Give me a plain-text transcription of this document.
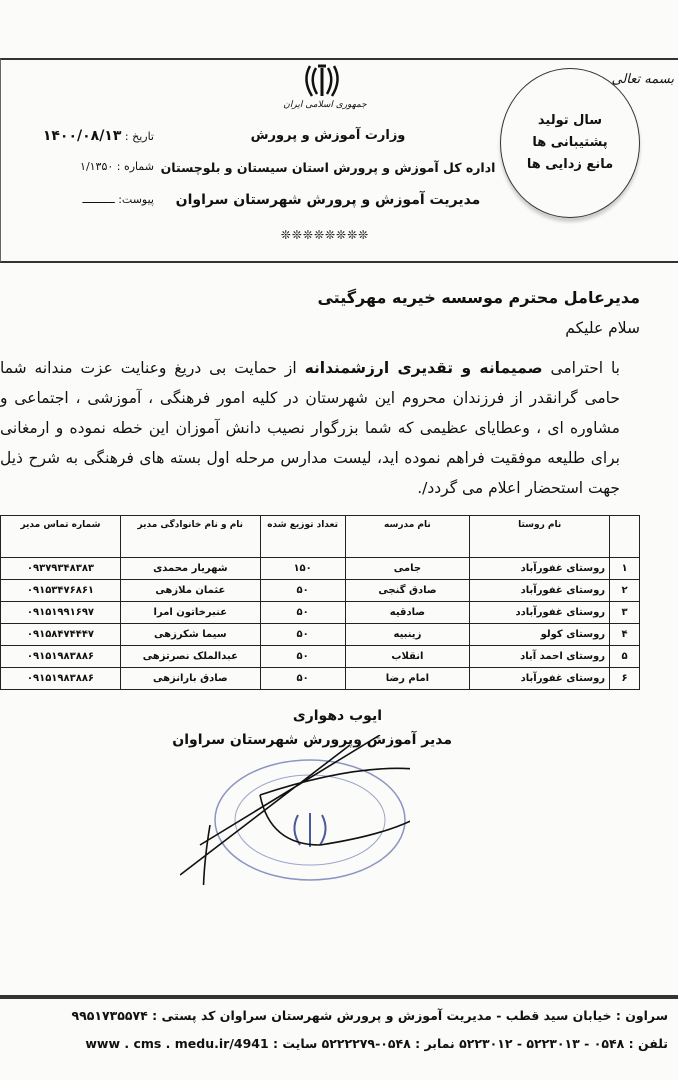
بسمه تعالی
سال تولید
پشتیبانی ها
مانع زدایی ها
جمهوری اسلامی ایران
وزارت آموزش و پرورش
اداره کل آموزش و پرورش استان سیستان و بلوچستان
مدیریت آموزش و پرورش شهرستان سراوان
❊❊❊❊❊❊❊❊
تاریخ : ۱۴۰۰/۰۸/۱۳
شماره : ۱/۱۳۵۰
پیوست: ــــــــــ
مدیرعامل محترم موسسه خیریه مهرگیتی
سلام علیکم

با احترامی صمیمانه و تقدیری ارزشمندانه از حمایت بی دریغ وعنایت عزت مندانه شما حامی گرانقدر از فرزندان محروم این شهرستان در کلیه امور فرهنگی ، آموزشی ، اجتماعی و مشاوره ای ، وعطایای عظیمی که شما بزرگوار نصیب دانش آموزان این خطه نموده و ارمغانی برای طلیعه موفقیت فراهم نموده اید، لیست مدارس مرحله اول بسته های فرهنگی به شرح ذیل جهت استحضار اعلام می گردد/.

	نام روستا	نام مدرسه	تعداد توزیع شده	نام و نام خانوادگی مدیر	شماره تماس مدیر
۱	روستای غفورآباد	جامی	۱۵۰	شهریار محمدی	۰۹۳۷۹۳۴۸۳۸۳
۲	روستای غفورآباد	صادق گنجی	۵۰	عثمان ملازهی	۰۹۱۵۳۴۷۶۸۶۱
۳	روستای غفورآبادد	صادقیه	۵۰	عنبرخاتون امرا	۰۹۱۵۱۹۹۱۶۹۷
۴	روستای کولو	زینبیه	۵۰	سیما شکرزهی	۰۹۱۵۸۴۷۴۴۴۷
۵	روستای احمد آباد	انقلاب	۵۰	عبدالملک نصرتزهی	۰۹۱۵۱۹۸۳۸۸۶
۶	روستای غفورآباد	امام رضا	۵۰	صادق بارانزهی	۰۹۱۵۱۹۸۳۸۸۶
ایوب دهواری
مدیر آموزش وپرورش شهرستان سراوان
سراون : خیابان سید قطب - مدیریت آموزش و پرورش شهرستان سراوان کد پستی : ۹۹۵۱۷۳۵۵۷۴
تلفن : ۰۵۴۸ - ۵۲۲۳۰۱۳ - ۵۲۲۳۰۱۲ نمابر : ۰۵۴۸-۵۲۲۲۲۷۹ سایت : www . cms . medu.ir/4941
